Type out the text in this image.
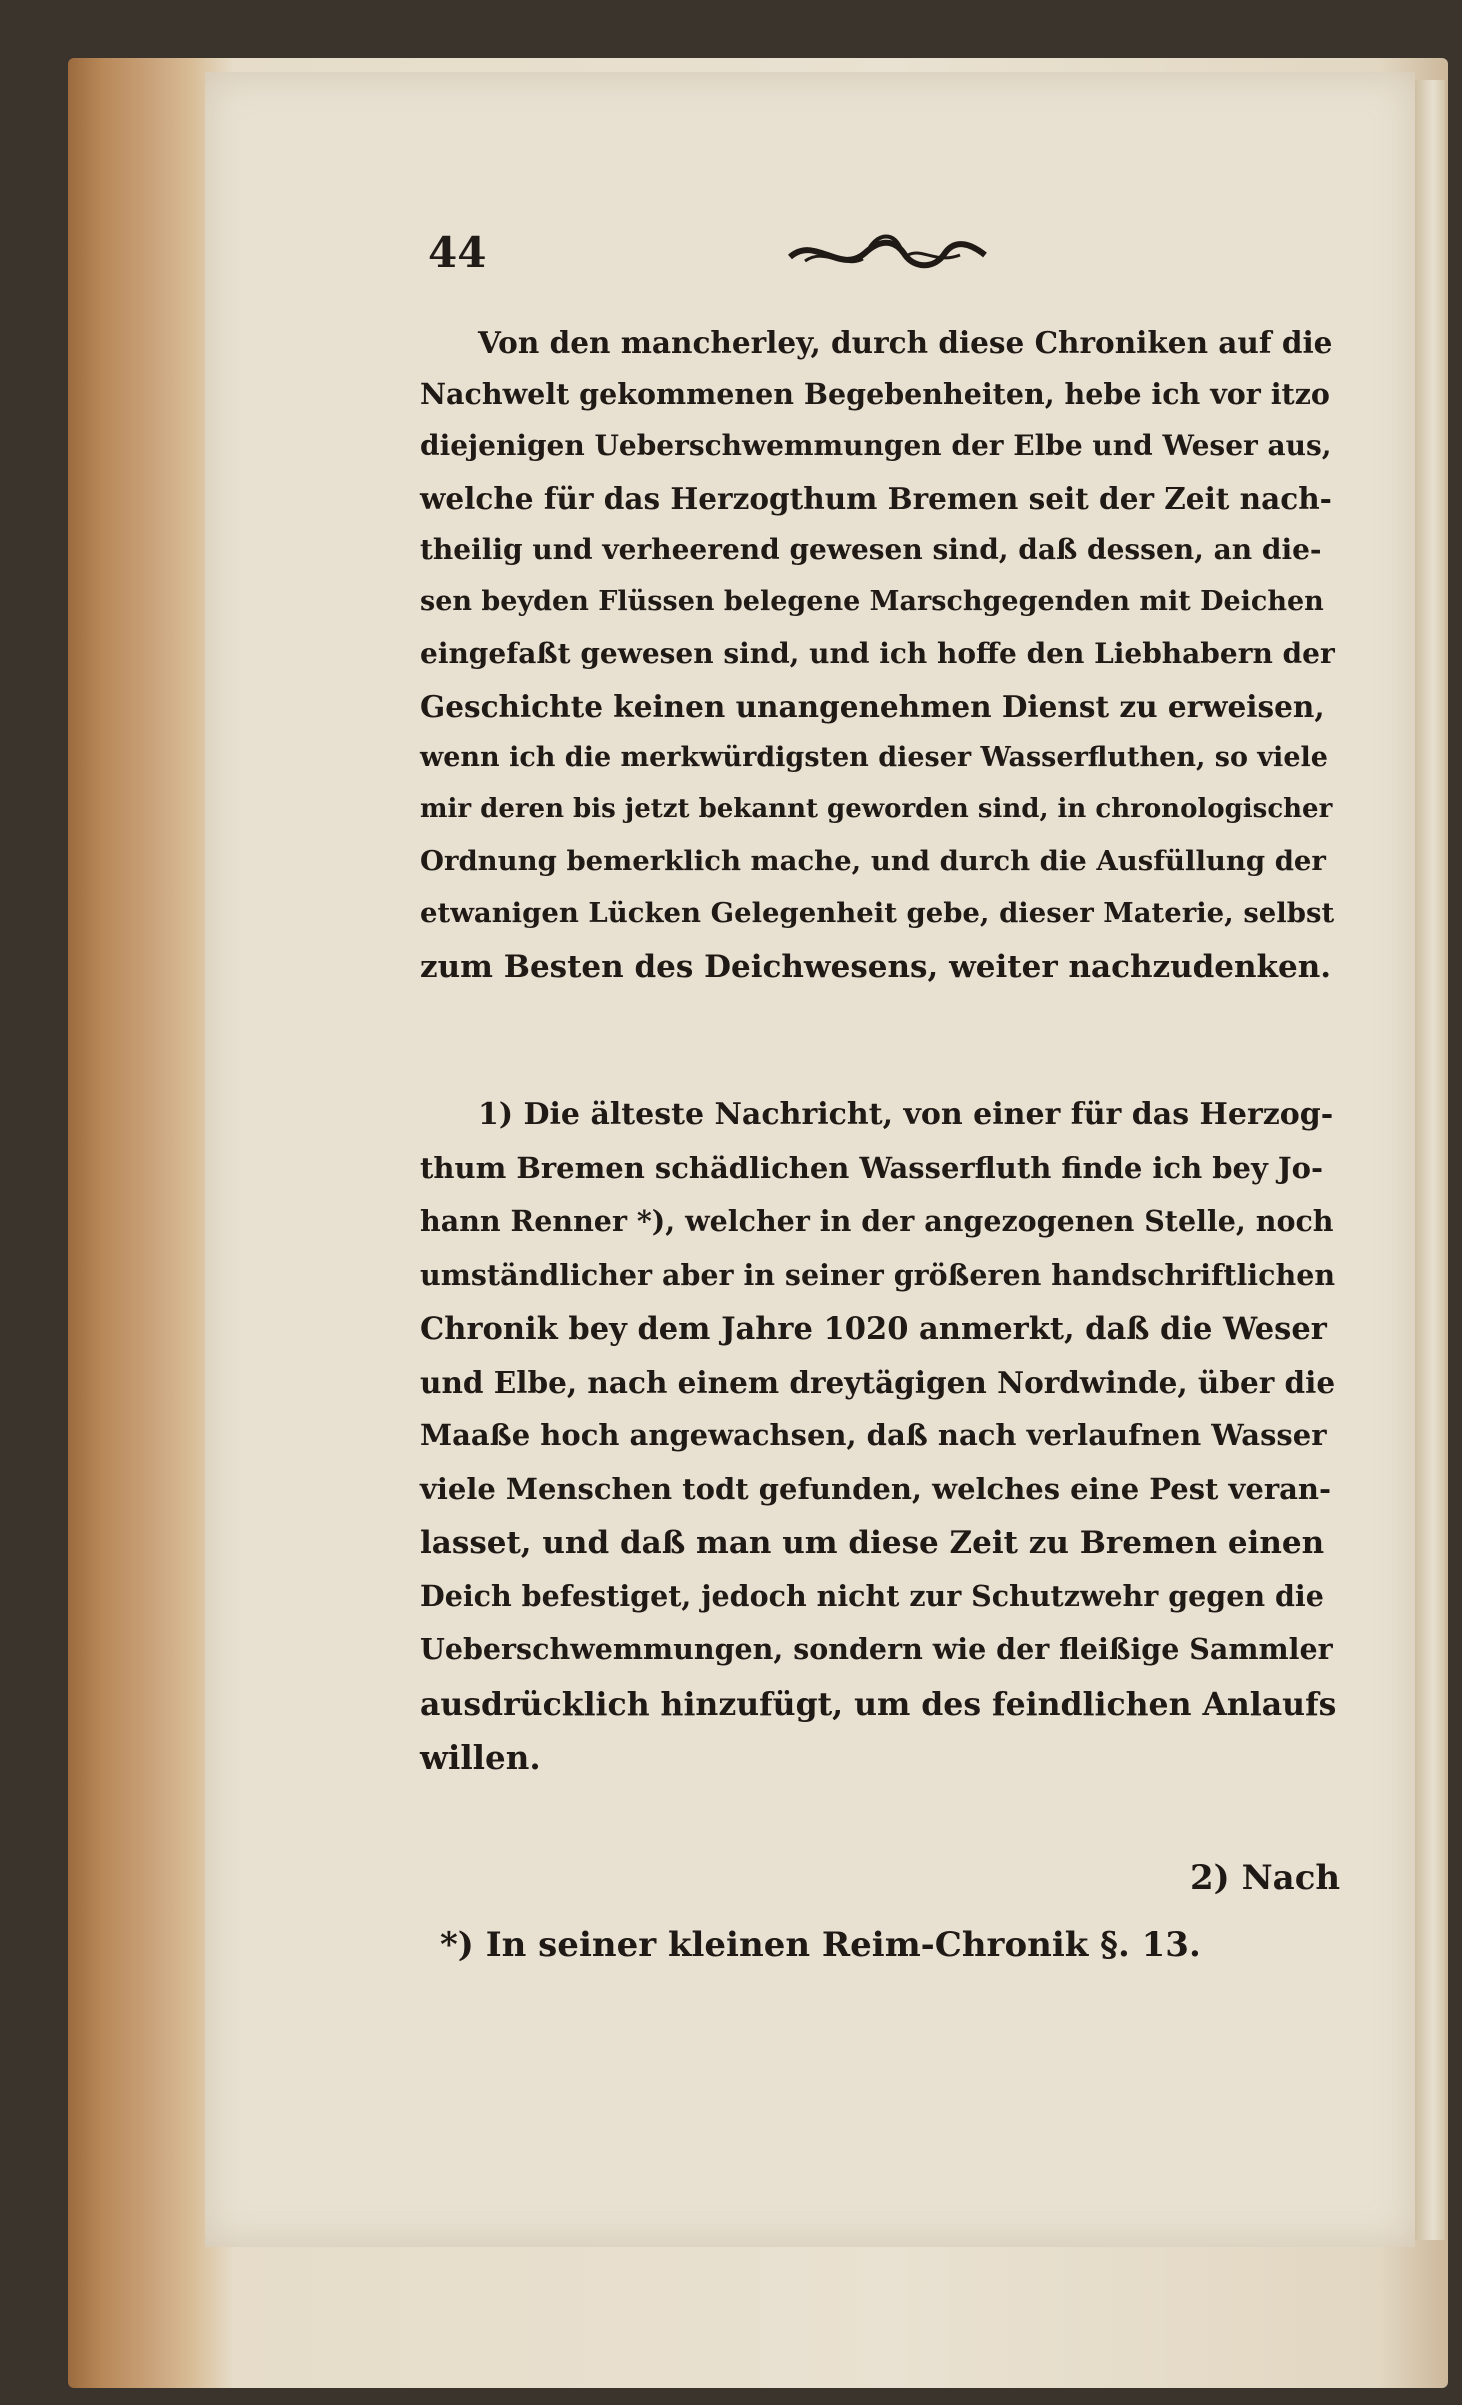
44
Von den mancherley, durch diese Chroniken auf die
Nachwelt gekommenen Begebenheiten, hebe ich vor itzo
diejenigen Ueberschwemmungen der Elbe und Weser aus,
welche für das Herzogthum Bremen seit der Zeit nach-
theilig und verheerend gewesen sind, daß dessen, an die-
sen beyden Flüssen belegene Marschgegenden mit Deichen
eingefaßt gewesen sind, und ich hoffe den Liebhabern der
Geschichte keinen unangenehmen Dienst zu erweisen,
wenn ich die merkwürdigsten dieser Wasserfluthen, so viele
mir deren bis jetzt bekannt geworden sind, in chronologischer
Ordnung bemerklich mache, und durch die Ausfüllung der
etwanigen Lücken Gelegenheit gebe, dieser Materie, selbst
zum Besten des Deichwesens, weiter nachzudenken.
1) Die älteste Nachricht, von einer für das Herzog-
thum Bremen schädlichen Wasserfluth finde ich bey Jo-
hann Renner *), welcher in der angezogenen Stelle, noch
umständlicher aber in seiner größeren handschriftlichen
Chronik bey dem Jahre 1020 anmerkt, daß die Weser
und Elbe, nach einem dreytägigen Nordwinde, über die
Maaße hoch angewachsen, daß nach verlaufnen Wasser
viele Menschen todt gefunden, welches eine Pest veran-
lasset, und daß man um diese Zeit zu Bremen einen
Deich befestiget, jedoch nicht zur Schutzwehr gegen die
Ueberschwemmungen, sondern wie der fleißige Sammler
ausdrücklich hinzufügt, um des feindlichen Anlaufs
willen.
2) Nach
*) In seiner kleinen Reim-Chronik §. 13.
